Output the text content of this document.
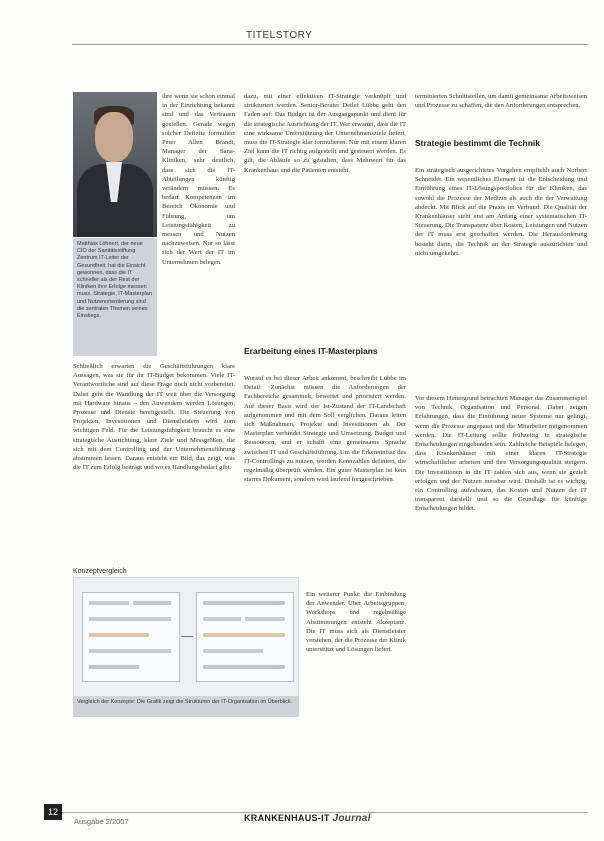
TITELSTORY
Matthias Löhnert, der neue CIO der Sanitätsstiftung Zentrum IT-Leiter der Gesundheit, hat die Einsicht gewonnen, dass die IT schneller als der Rest der Kliniken ihre Erfolge messen muss. Strategie, IT-Masterplan und Nutzenorientierung sind die zentralen Themen seines Einstiegs.

ihre wenn sie schon einmal in der Einrichtung bekannt sind und das Vertrauen genießen. Gerade wegen solcher Defizite formuliert Peter Allen Brandt, Manager der Sana-Kliniken, sehr deutlich, dass sich die IT-Abteilungen künftig verändern müssen. Es bedarf Kompetenzen im Bereich Ökonomie und Führung, um Leistungsfähigkeit zu messen und Nutzen nachzuweisen. Nur so lässt sich der Wert der IT im Unternehmen belegen.

Schließlich erwarten die Geschäftsführungen klare Aussagen, was sie für ihr IT-Budget bekommen. Viele IT-Verantwortliche sind auf diese Frage noch nicht vorbereitet. Dabei geht die Wandlung der IT weit über die Versorgung mit Hardware hinaus – den Anwendern werden Lösungen, Prozesse und Dienste bereitgestellt. Die Steuerung von Projekten, Investitionen und Dienstleistern wird zum wichtigen Feld. Für die Leistungsfähigkeit braucht es eine strategische Ausrichtung, klare Ziele und Messgrößen, die sich mit dem Controlling und der Unternehmensführung abstimmen lassen. Daraus entsteht ein Bild, das zeigt, was die IT zum Erfolg beiträgt und wo es Handlungsbedarf gibt.

dazu, mit einer effektiven IT-Strategie verknüpft und strukturiert werden. Senior-Berater Detlef Lübbe geht den Faden auf: Das Budget ist der Ausgangspunkt und dient für die strategische Ausrichtung der IT. Wer erwartet, dass die IT eine wirksame Unterstützung der Unternehmensziele liefert, muss die IT-Strategie klar formulieren. Nur mit einem klaren Ziel kann die IT richtig aufgestellt und gesteuert werden. Es gilt, die Abläufe so zu gestalten, dass Mehrwert für das Krankenhaus und die Patienten entsteht.

Erarbeitung eines IT-Masterplans

Worauf es bei dieser Arbeit ankommt, beschreibt Lübbe im Detail: Zunächst müssen die Anforderungen der Fachbereiche gesammelt, bewertet und priorisiert werden. Auf dieser Basis wird der Ist-Zustand der IT-Landschaft aufgenommen und mit dem Soll verglichen. Daraus leiten sich Maßnahmen, Projekte und Investitionen ab. Der Masterplan verbindet Strategie und Umsetzung, Budget und Ressourcen, und er schafft eine gemeinsame Sprache zwischen IT und Geschäftsführung. Um die Erkenntnisse des IT-Controllings zu nutzen, werden Kennzahlen definiert, die regelmäßig überprüft werden. Ein guter Masterplan ist kein starres Dokument, sondern wird laufend fortgeschrieben.

Ein weiterer Punkt: die Einbindung der Anwender. Über Arbeitsgruppen, Workshops und regelmäßige Abstimmungen entsteht Akzeptanz. Die IT muss sich als Dienstleister verstehen, der die Prozesse der Klinik unterstützt und Lösungen liefert.

terminierten Schnittstellen, um damit gemeinsame Arbeitsweisen und Prozesse zu schaffen, die den Anforderungen entsprechen.

Strategie bestimmt die Technik

Ein strategisch ausgerichtetes Vorgehen empfiehlt auch Norbert Schneider. Ein wesentliches Element ist die Entscheidung und Einführung eines IT-Lösungsportfolios für die Kliniken, das sowohl die Prozesse der Medizin als auch die der Verwaltung abdeckt. Mit Blick auf die Praxis im Verbund: Die Qualität der Krankenhäuser steht erst am Anfang einer systematischen IT-Steuerung. Die Transparenz über Kosten, Leistungen und Nutzen der IT muss erst geschaffen werden. Die Herausforderung besteht darin, die Technik an der Strategie auszurichten und nicht umgekehrt.

Vor diesem Hintergrund betrachten Manager das Zusammenspiel von Technik, Organisation und Personal. Dabei zeigen Erfahrungen, dass die Einführung neuer Systeme nur gelingt, wenn die Prozesse angepasst und die Mitarbeiter mitgenommen werden. Die IT-Leitung sollte frühzeitig in strategische Entscheidungen eingebunden sein. Zahlreiche Beispiele belegen, dass Krankenhäuser mit einer klaren IT-Strategie wirtschaftlicher arbeiten und ihre Versorgungsqualität steigern. Die Investitionen in die IT zahlen sich aus, wenn sie gezielt erfolgen und der Nutzen messbar wird. Deshalb ist es wichtig, ein Controlling aufzubauen, das Kosten und Nutzen der IT transparent darstellt und so die Grundlage für künftige Entscheidungen bildet.

Konzeptvergleich
Vergleich der Konzepte: Die Grafik zeigt die Strukturen der IT-Organisation im Überblick.
12
Ausgabe 2/2007	KRANKENHAUS-IT Journal
